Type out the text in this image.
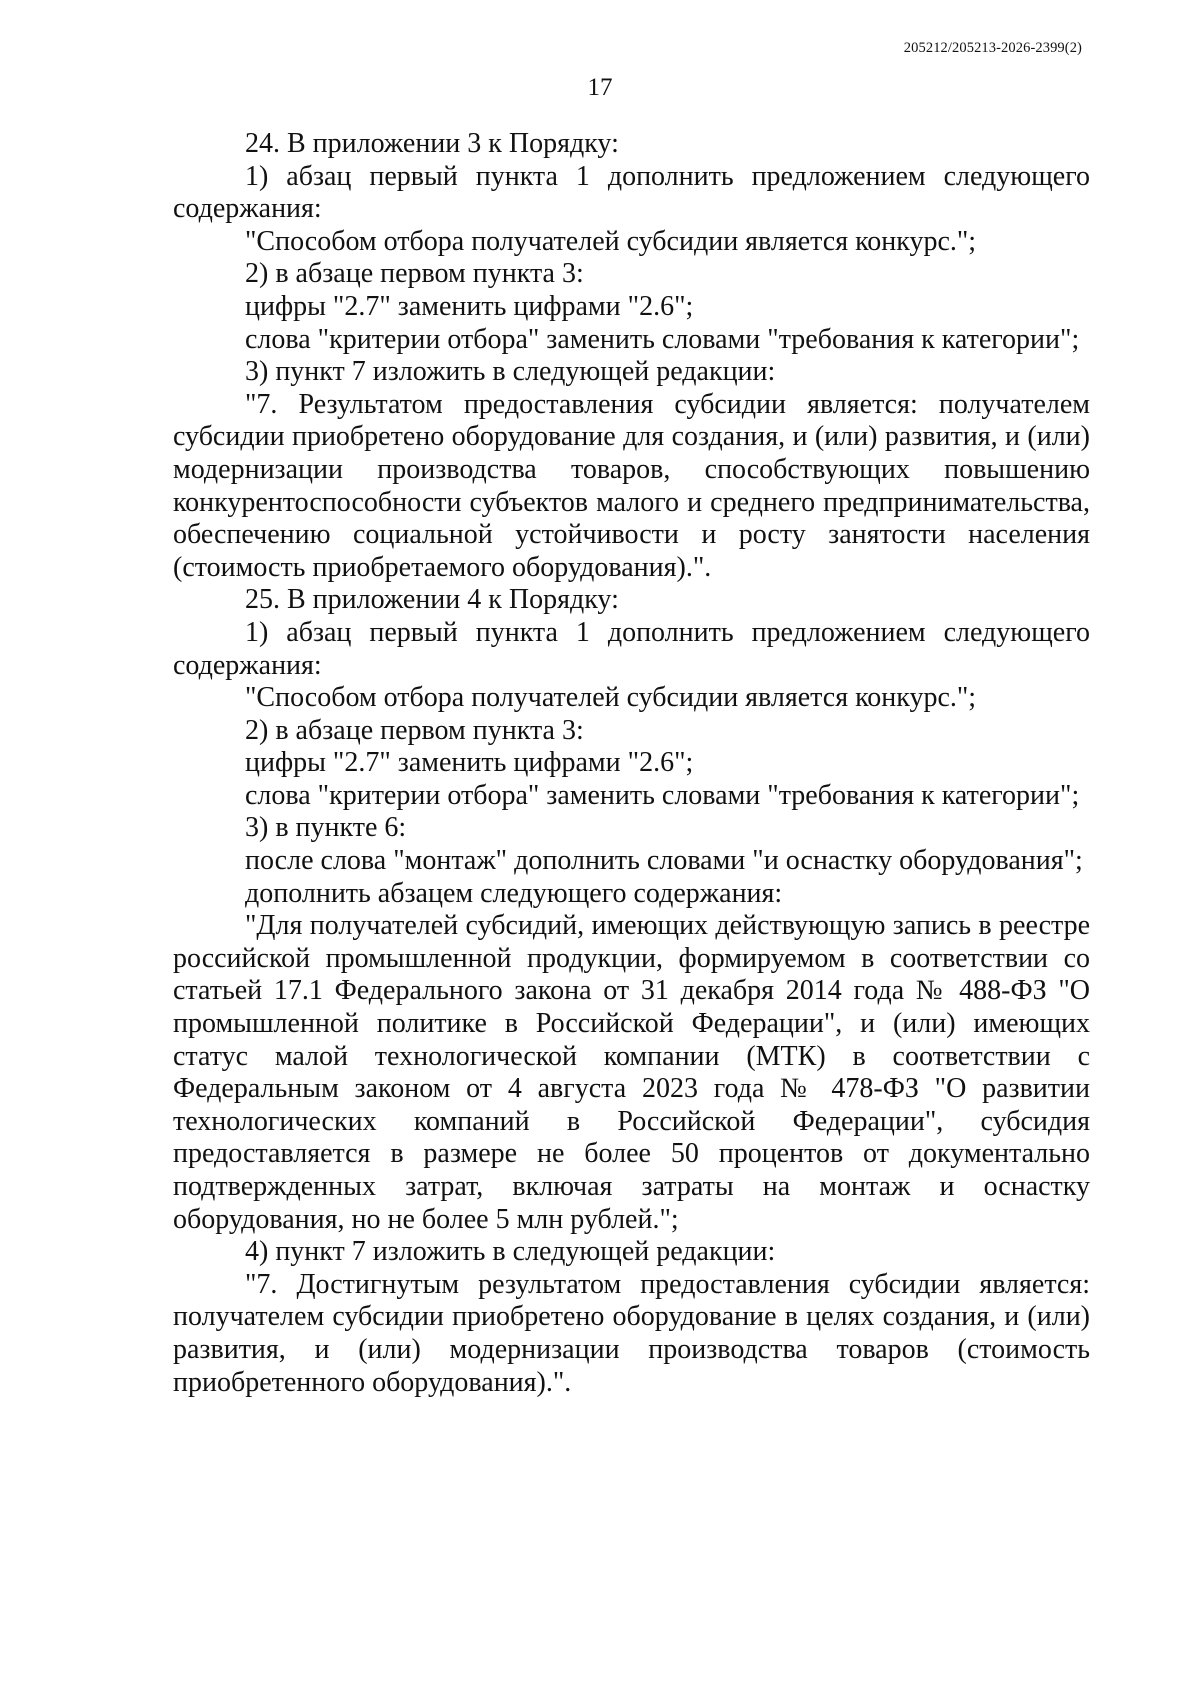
205212/205213-2026-2399(2)
17

24. В приложении 3 к Порядку:

1) абзац первый пункта 1 дополнить предложением следующего содержания:

"Способом отбора получателей субсидии является конкурс.";

2) в абзаце первом пункта 3:

цифры "2.7" заменить цифрами "2.6";

слова "критерии отбора" заменить словами "требования к категории";

3) пункт 7 изложить в следующей редакции:

"7. Результатом предоставления субсидии является: получателем субсидии приобретено оборудование для создания, и (или) развития, и (или) модернизации производства товаров, способствующих повышению конкурентоспособности субъектов малого и среднего предпринимательства, обеспечению социальной устойчивости и росту занятости населения (стоимость приобретаемого оборудования).".

25. В приложении 4 к Порядку:

1) абзац первый пункта 1 дополнить предложением следующего содержания:

"Способом отбора получателей субсидии является конкурс.";

2) в абзаце первом пункта 3:

цифры "2.7" заменить цифрами "2.6";

слова "критерии отбора" заменить словами "требования к категории";

3) в пункте 6:

после слова "монтаж" дополнить словами "и оснастку оборудования";

дополнить абзацем следующего содержания:

"Для получателей субсидий, имеющих действующую запись в реестре российской промышленной продукции, формируемом в соответствии со статьей 17.1 Федерального закона от 31 декабря 2014 года № 488-ФЗ "О промышленной политике в Российской Федерации", и (или) имеющих статус малой технологической компании (МТК) в соответствии с Федеральным законом от 4 августа 2023 года № 478-ФЗ "О развитии технологических компаний в Российской Федерации", субсидия предоставляется в размере не более 50 процентов от документально подтвержденных затрат, включая затраты на монтаж и оснастку оборудования, но не более 5 млн рублей.";

4) пункт 7 изложить в следующей редакции:

"7. Достигнутым результатом предоставления субсидии является: получателем субсидии приобретено оборудование в целях создания, и (или) развития, и (или) модернизации производства товаров (стоимость приобретенного оборудования).".
